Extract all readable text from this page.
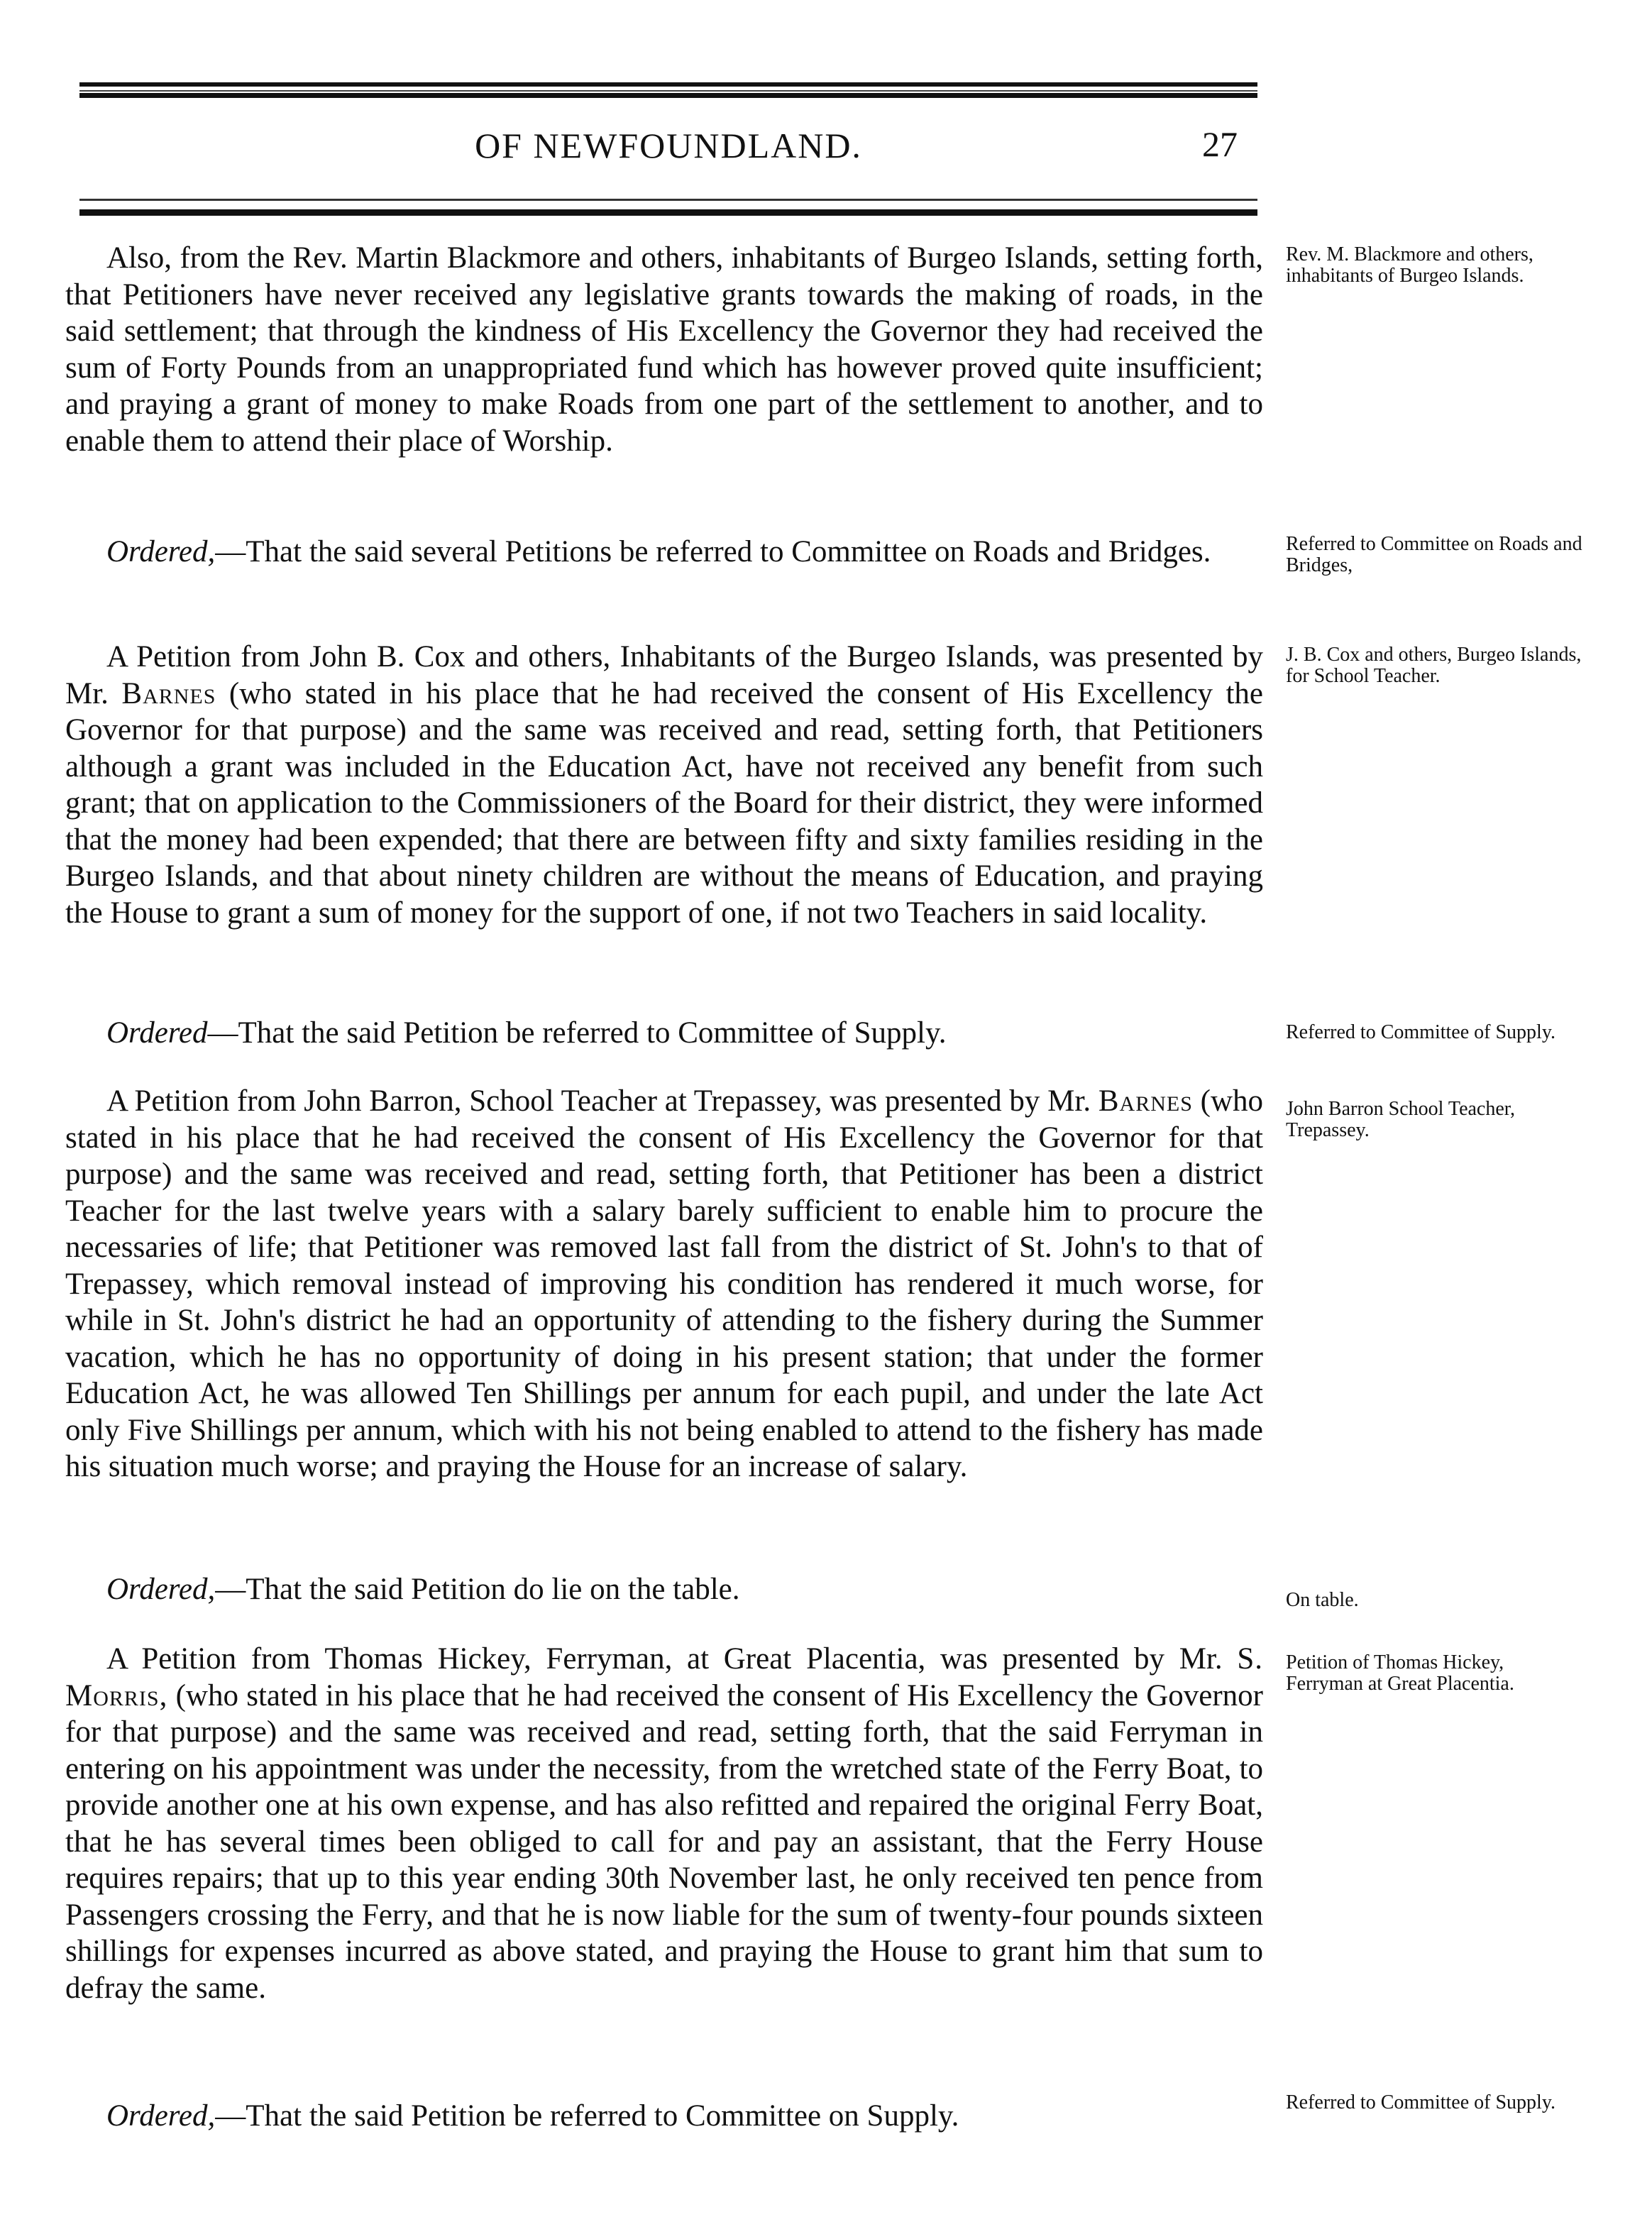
OF NEWFOUNDLAND.	27

Also, from the Rev. Martin Blackmore and others, inhabitants of Burgeo Islands, setting forth, that Petitioners have never received any legislative grants towards the making of roads, in the said settlement; that through the kindness of His Excellency the Governor they had received the sum of Forty Pounds from an unappropriated fund which has however proved quite insufficient; and praying a grant of money to make Roads from one part of the settlement to another, and to enable them to attend their place of Worship.

Ordered,—That the said several Petitions be referred to Committee on Roads and Bridges.

A Petition from John B. Cox and others, Inhabitants of the Burgeo Islands, was presented by Mr. Barnes (who stated in his place that he had received the consent of His Excellency the Governor for that purpose) and the same was received and read, setting forth, that Petitioners although a grant was included in the Education Act, have not received any benefit from such grant; that on application to the Commissioners of the Board for their district, they were informed that the money had been expended; that there are between fifty and sixty families residing in the Burgeo Islands, and that about ninety children are without the means of Education, and praying the House to grant a sum of money for the support of one, if not two Teachers in said locality.

Ordered—That the said Petition be referred to Committee of Supply.

A Petition from John Barron, School Teacher at Trepassey, was presented by Mr. Barnes (who stated in his place that he had received the consent of His Excellency the Governor for that purpose) and the same was received and read, setting forth, that Petitioner has been a district Teacher for the last twelve years with a salary barely sufficient to enable him to procure the necessaries of life; that Petitioner was removed last fall from the district of St. John's to that of Trepassey, which removal instead of improving his condition has rendered it much worse, for while in St. John's district he had an opportunity of attending to the fishery during the Summer vacation, which he has no opportunity of doing in his present station; that under the former Education Act, he was allowed Ten Shillings per annum for each pupil, and under the late Act only Five Shillings per annum, which with his not being enabled to attend to the fishery has made his situation much worse; and praying the House for an increase of salary.

Ordered,—That the said Petition do lie on the table.

A Petition from Thomas Hickey, Ferryman, at Great Placentia, was presented by Mr. S. Morris, (who stated in his place that he had received the consent of His Excellency the Governor for that purpose) and the same was received and read, setting forth, that the said Ferryman in entering on his appointment was under the necessity, from the wretched state of the Ferry Boat, to provide another one at his own expense, and has also refitted and repaired the original Ferry Boat, that he has several times been obliged to call for and pay an assistant, that the Ferry House requires repairs; that up to this year ending 30th November last, he only received ten pence from Passengers crossing the Ferry, and that he is now liable for the sum of twenty-four pounds sixteen shillings for expenses incurred as above stated, and praying the House to grant him that sum to defray the same.

Ordered,—That the said Petition be referred to Committee on Supply.

Rev. M. Blackmore and others, inhabitants of Burgeo Islands.

Referred to Committee on Roads and Bridges,

J. B. Cox and others, Burgeo Islands, for School Teacher.

Referred to Committee of Supply.

John Barron School Teacher, Trepassey.

On table.

Petition of Thomas Hickey, Ferryman at Great Placentia.

Referred to Committee of Supply.
